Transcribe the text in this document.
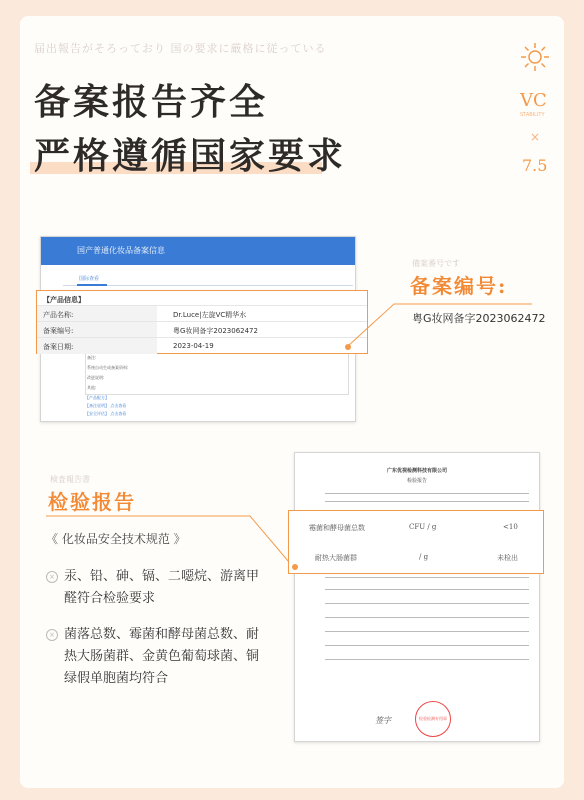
届出報告がそろっており 国の要求に厳格に従っている
备案报告齐全
严格遵循国家要求
VC
STABILITY
×
7.5
国产普通化妆品备案信息
国际查看
备注:
系统自动生成备案资料:
改进说明:
其他:
【产品配方】
【备注说明】 点击查看
【安全评估】 点击查看
【产品信息】
产品名称:	Dr.Luce|左旋VC精华水
备案编号:	粤G妆网备字2023062472
备案日期:	2023-04-19
備案番号です
备案编号:
粤G妆网备字2023062472
検査報告書
检验报告
《 化妆品安全技术规范 》
× 汞、铅、砷、镉、二噁烷、游离甲醛符合检验要求
× 菌落总数、霉菌和酵母菌总数、耐热大肠菌群、金黄色葡萄球菌、铜绿假单胞菌均符合
广东优视检测科技有限公司
检验报告
检验检测专用章
签字
霉菌和酵母菌总数	CFU / g	<10
耐热大肠菌群	/ g	未检出
